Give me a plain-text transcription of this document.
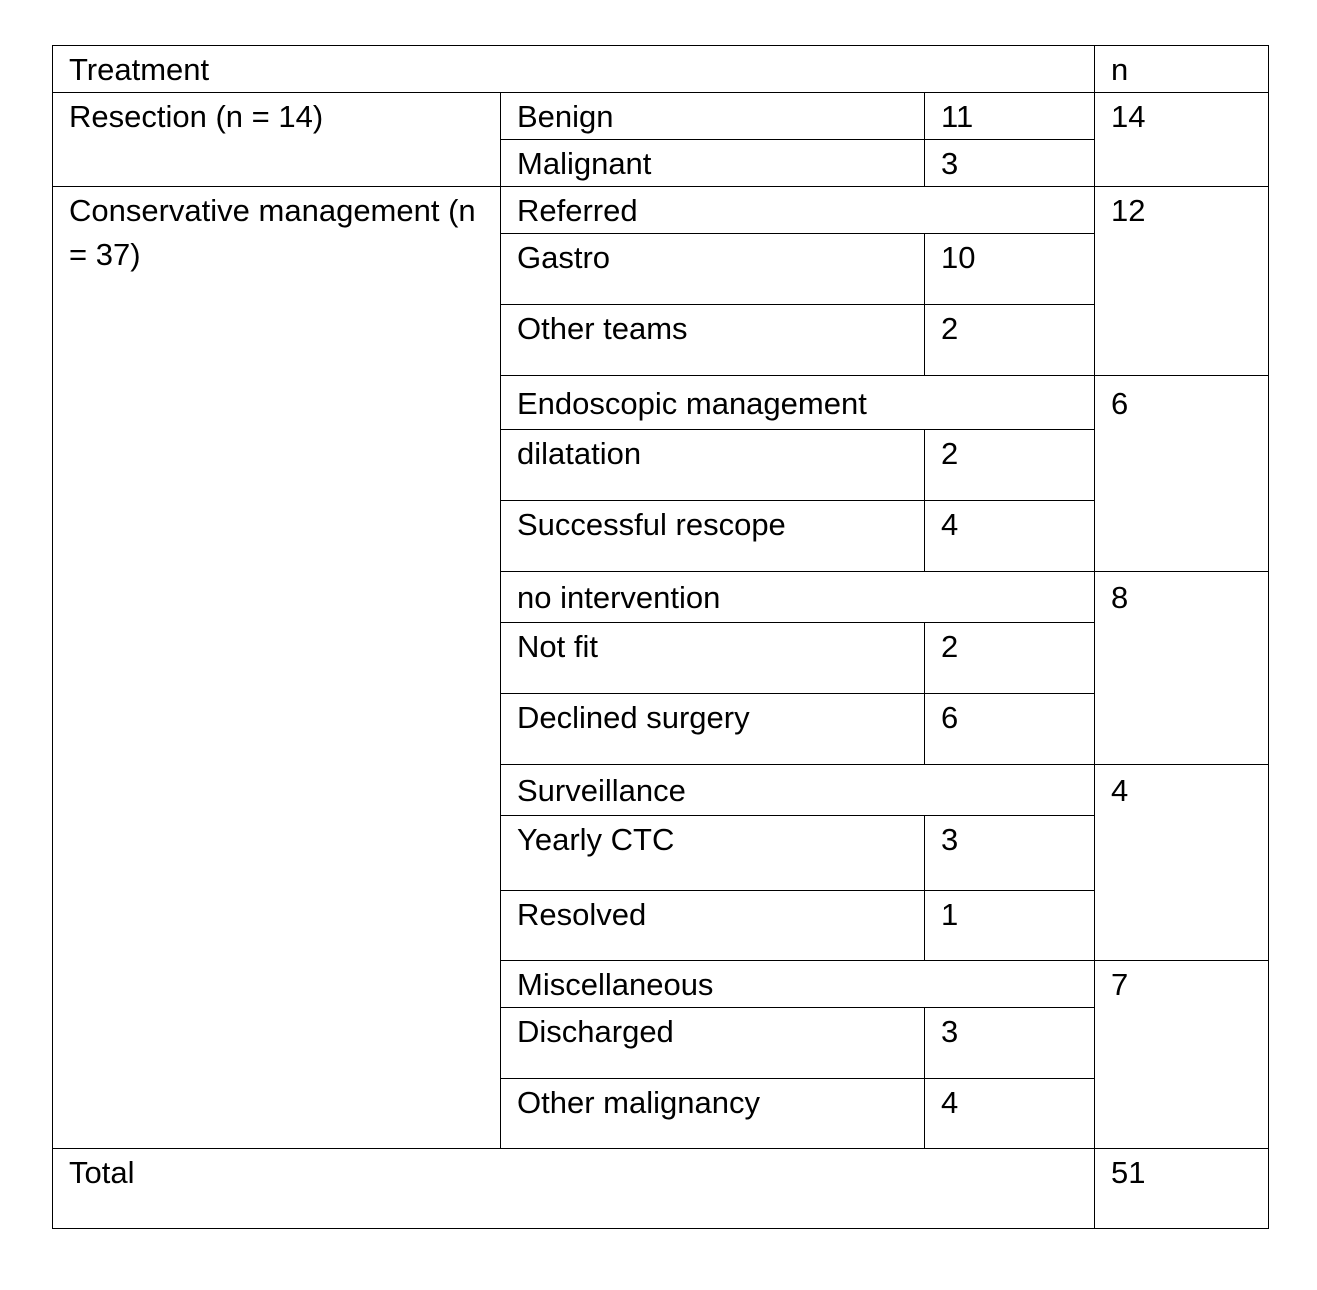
Treatment			n
Resection (n = 14)	Benign	11	14
	Malignant	3	
Conservative management (n = 37)	Referred		12
	Gastro	10	
	Other teams	2	
	Endoscopic management		6
	dilatation	2	
	Successful rescope	4	
	no intervention		8
	Not fit	2	
	Declined surgery	6	
	Surveillance		4
	Yearly CTC	3	
	Resolved	1	
	Miscellaneous		7
	Discharged	3	
	Other malignancy	4	
Total			51
